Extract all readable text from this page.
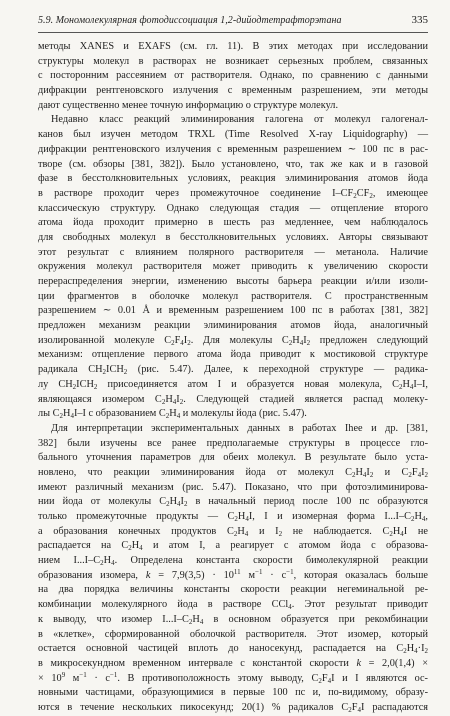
5.9. Мономолекулярная фотодиссоциация 1,2-дийодтетрафторэтана	335
методы XANES и EXAFS (см. гл. 11). В этих методах при исследовании
структуры молекул в растворах не возникает серьезных проблем, связанных
с посторонним рассеянием от растворителя. Однако, по сравнению с данными
дифракции рентгеновского излучения с временным разрешением, эти методы
дают существенно менее точную информацию о структуре молекул.
Недавно класс реакций элиминирования галогена от молекул галогенал-
канов был изучен методом TRXL (Time Resolved X-ray Liquidography) —
дифракции рентгеновского излучения с временным разрешением ∼ 100 пс в рас-
творе (см. обзоры [381, 382]). Было установлено, что, так же как и в газовой
фазе в бесстолкновительных условиях, реакция элиминирования атомов йода
в растворе проходит через промежуточное соединение $I-CF_2CF_2$, имеющее
классическую структуру. Однако следующая стадия — отщепление второго
атома йода проходит примерно в шесть раз медленнее, чем наблюдалось
для свободных молекул в бесстолкновительных условиях. Авторы связывают
этот результат с влиянием полярного растворителя — метанола. Наличие
окружения молекул растворителя может приводить к увеличению скорости
перераспределения энергии, изменению высоты барьера реакции и/или изоли-
ции фрагментов в оболочке молекул растворителя. С пространственным
разрешением ∼ 0.01 Å и временным разрешением 100 пс в работах [381, 382]
предложен механизм реакции элиминирования атомов йода, аналогичный
изолированной молекуле $C_2F_4I_2$. Для молекулы $C_2H_4I_2$ предложен следующий
механизм: отщепление первого атома йода приводит к мостиковой структуре
радикала $CH_2ICH_2$ (рис. 5.47). Далее, к переходной структуре — радика-
лу $CH_2ICH_2$ присоединяется атом I и образуется новая молекула, $C_2H_4I-I$,
являющаяся изомером $C_2H_4I_2$. Следующей стадией является распад молеку-
лы $C_2H_4I-I$ с образованием $C_2H_4$ и молекулы йода (рис. 5.47).
Для интерпретации экспериментальных данных в работах Ihee и др. [381,
382] были изучены все ранее предполагаемые структуры в процессе гло-
бального уточнения параметров для обеих молекул. В результате было уста-
новлено, что реакции элиминирования йода от молекул $C_2H_4I_2$ и $C_2F_4I_2$
имеют различный механизм (рис. 5.47). Показано, что при фотоэлиминирова-
нии йода от молекулы $C_2H_4I_2$ в начальный период после 100 пс образуются
только промежуточные продукты — $C_2H_4I$, I и изомерная форма $I...I-C_2H_4$,
а образования конечных продуктов $C_2H_4$ и $I_2$ не наблюдается. $C_2H_4I$ не
распадается на $C_2H_4$ и атом I, а реагирует с атомом йода с образова-
нием $I...I-C_2H_4$. Определена константа скорости бимолекулярной реакции
образования изомера, $k = 7,9(3,5) \cdot 10^{11}$ $м^{-1} \cdot с^{-1}$, которая оказалась больше
на два порядка величины константы скорости реакции негеминальной ре-
комбинации молекулярного йода в растворе CCl$_4$. Этот результат приводит
к выводу, что изомер $I...I-C_2H_4$ в основном образуется при рекомбинации
в «клетке», сформированной оболочкой растворителя. Этот изомер, который
остается основной частицей вплоть до наносекунд, распадается на $C_2H_4\cdot I_2$
в микросекундном временном интервале с константой скорости k = 2,0(1,4) ×
× $10^9$ $м^{-1} \cdot с^{-1}$. В противоположность этому выводу, $C_2F_4I$ и I являются ос-
новными частицами, образующимися в первые 100 пс и, по-видимому, образу-
ются в течение нескольких пикосекунд; 20(1) % радикалов $C_2F_4I$ распадаются
